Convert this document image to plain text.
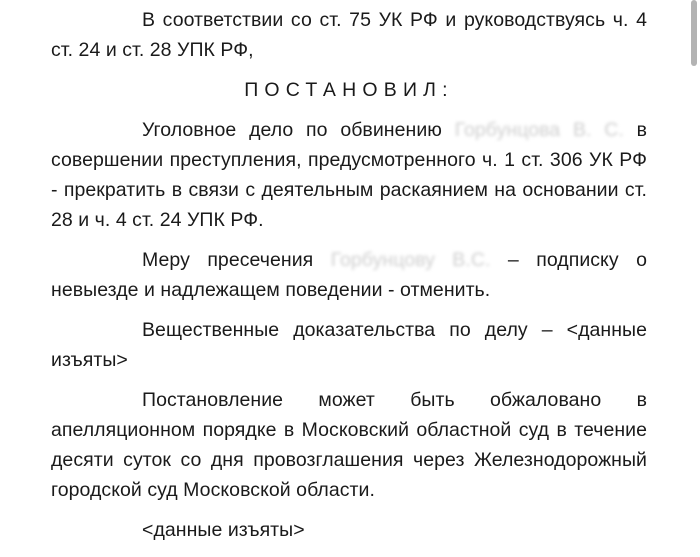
В соответствии со ст. 75 УК РФ и руководствуясь ч. 4 ст. 24 и ст. 28 УПК РФ,

ПОСТАНОВИЛ:

Уголовное дело по обвинению Горбунцова В. С. в совершении преступления, предусмотренного ч. 1 ст. 306 УК РФ - прекратить в связи с деятельным раскаянием на основании ст. 28 и ч. 4 ст. 24 УПК РФ.

Меру пресечения Горбунцову В.С. – подписку о невыезде и надлежащем поведении - отменить.

Вещественные доказательства по делу – <данные изъяты>

Постановление может быть обжаловано в апелляционном порядке в Московский областной суд в течение десяти суток со дня провозглашения через Железнодорожный городской суд Московской области.

<данные изъяты>
